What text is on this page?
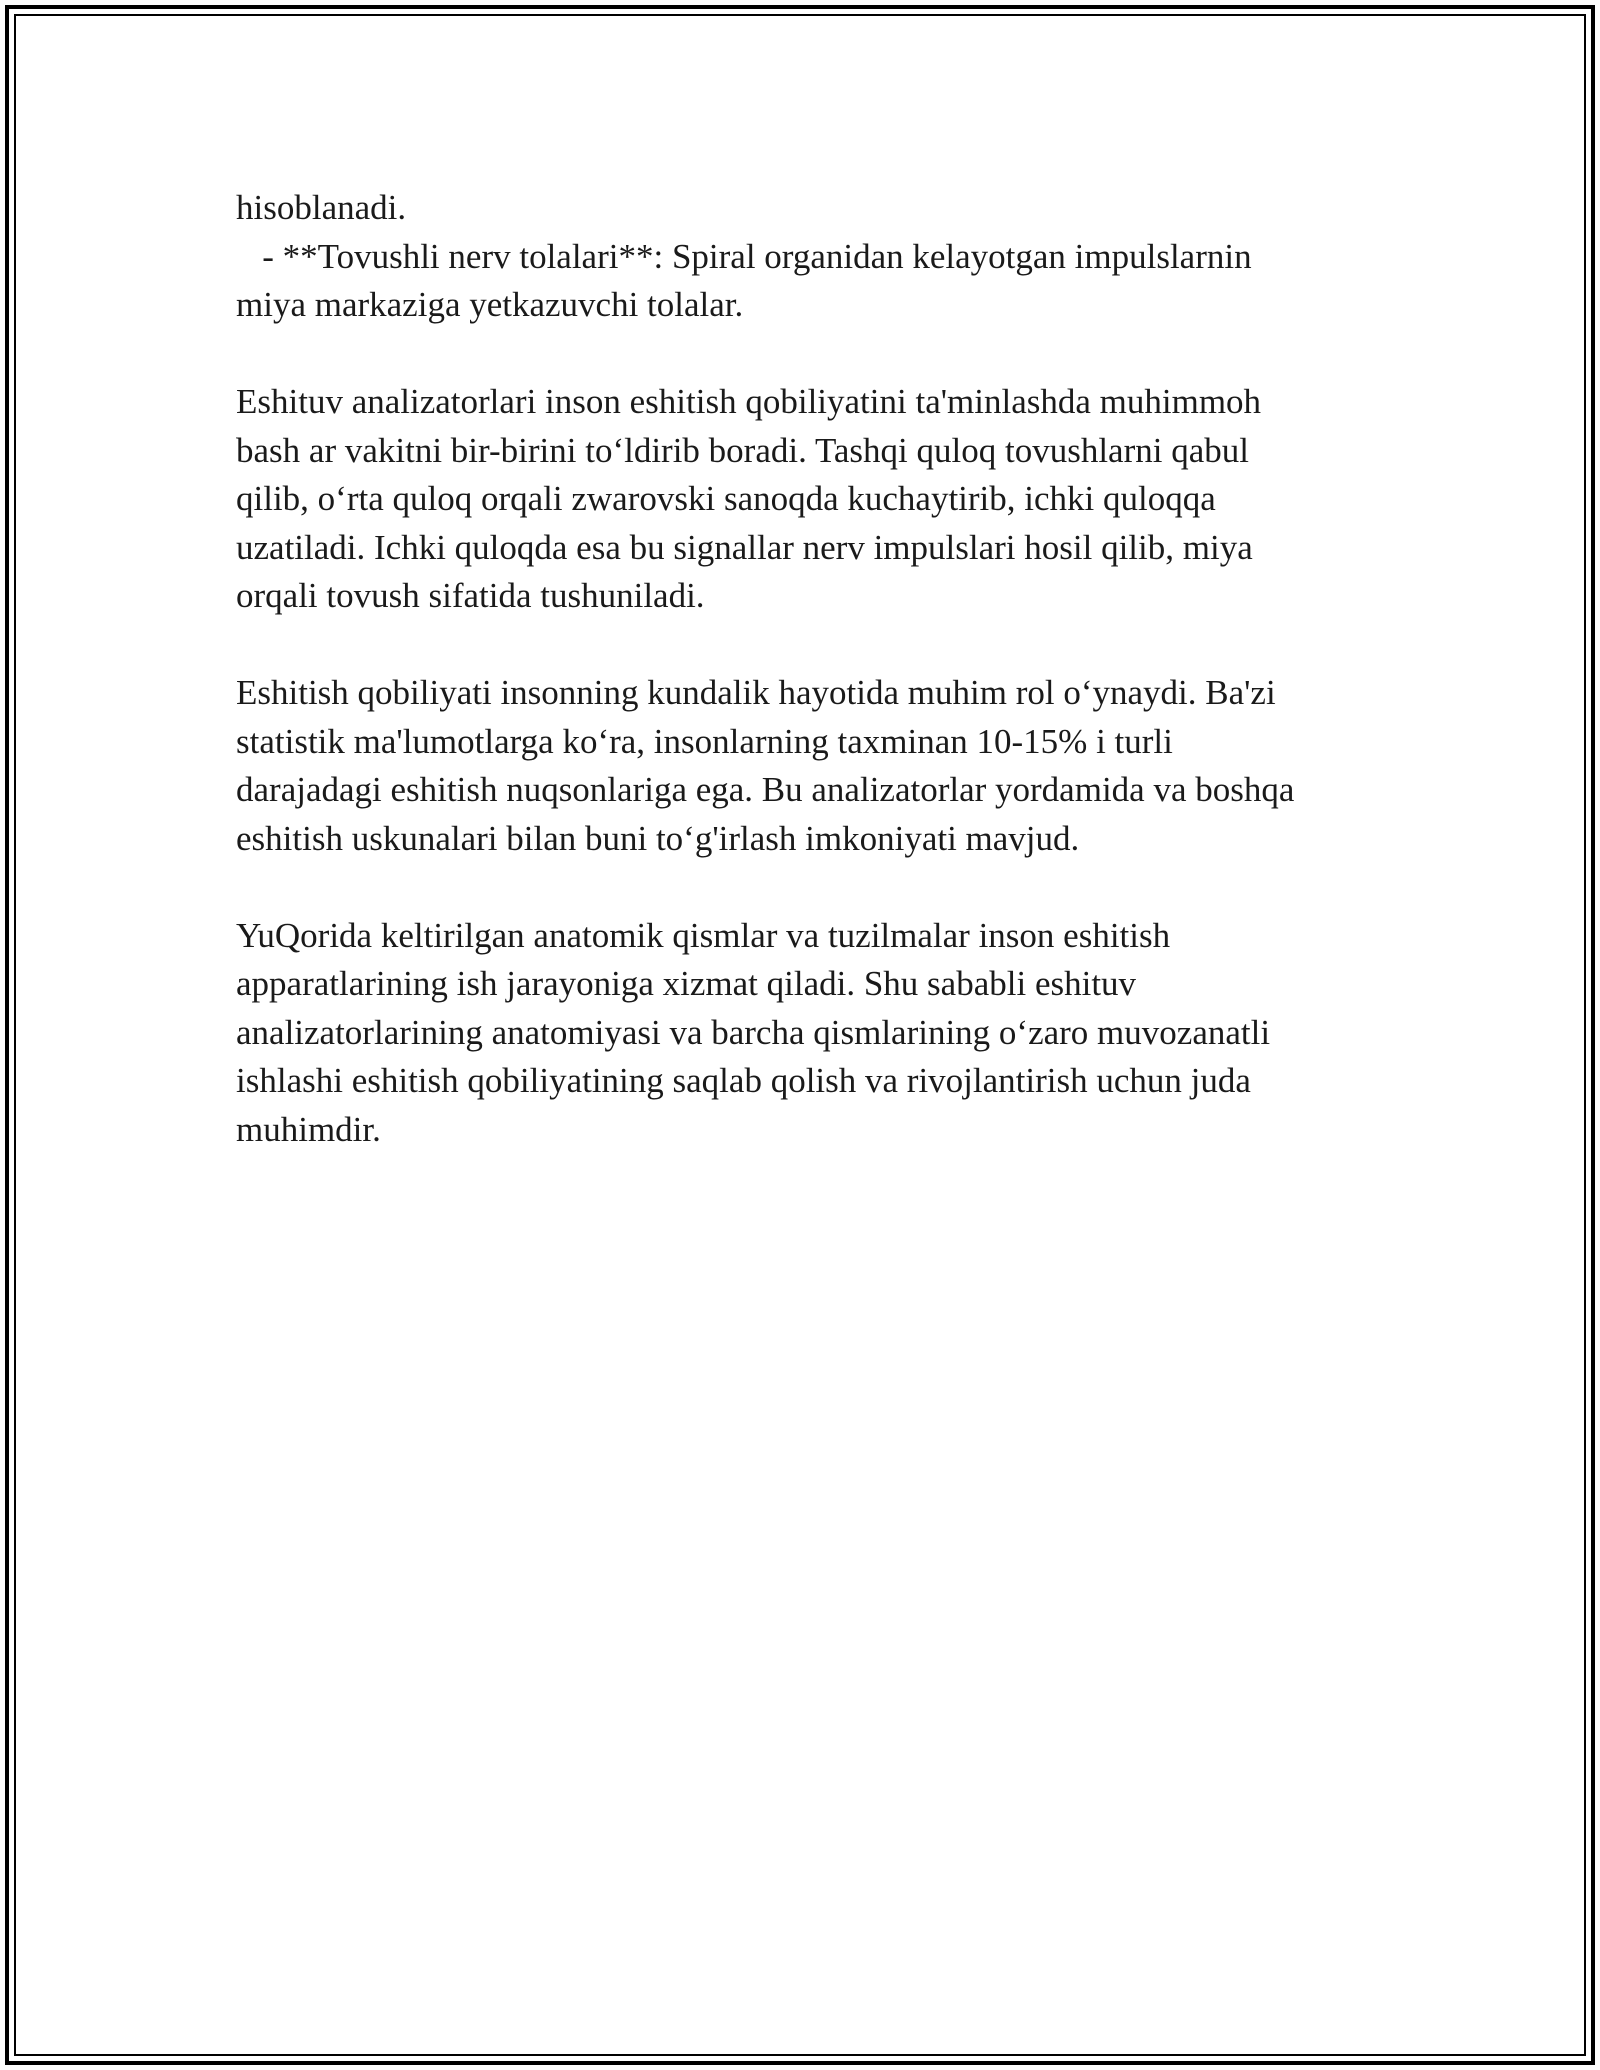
hisoblanadi.
- **Tovushli nerv tolalari**: Spiral organidan kelayotgan impulslarnin
miya markaziga yetkazuvchi tolalar.

Eshituv analizatorlari inson eshitish qobiliyatini ta'minlashda muhimmoh
bash ar vakitni bir-birini to‘ldirib boradi. Tashqi quloq tovushlarni qabul
qilib, o‘rta quloq orqali zwarovski sanoqda kuchaytirib, ichki quloqqa
uzatiladi. Ichki quloqda esa bu signallar nerv impulslari hosil qilib, miya
orqali tovush sifatida tushuniladi.

Eshitish qobiliyati insonning kundalik hayotida muhim rol o‘ynaydi. Ba'zi
statistik ma'lumotlarga ko‘ra, insonlarning taxminan 10-15% i turli
darajadagi eshitish nuqsonlariga ega. Bu analizatorlar yordamida va boshqa
eshitish uskunalari bilan buni to‘g'irlash imkoniyati mavjud.

YuQorida keltirilgan anatomik qismlar va tuzilmalar inson eshitish
apparatlarining ish jarayoniga xizmat qiladi. Shu sababli eshituv
analizatorlarining anatomiyasi va barcha qismlarining o‘zaro muvozanatli
ishlashi eshitish qobiliyatining saqlab qolish va rivojlantirish uchun juda
muhimdir.
